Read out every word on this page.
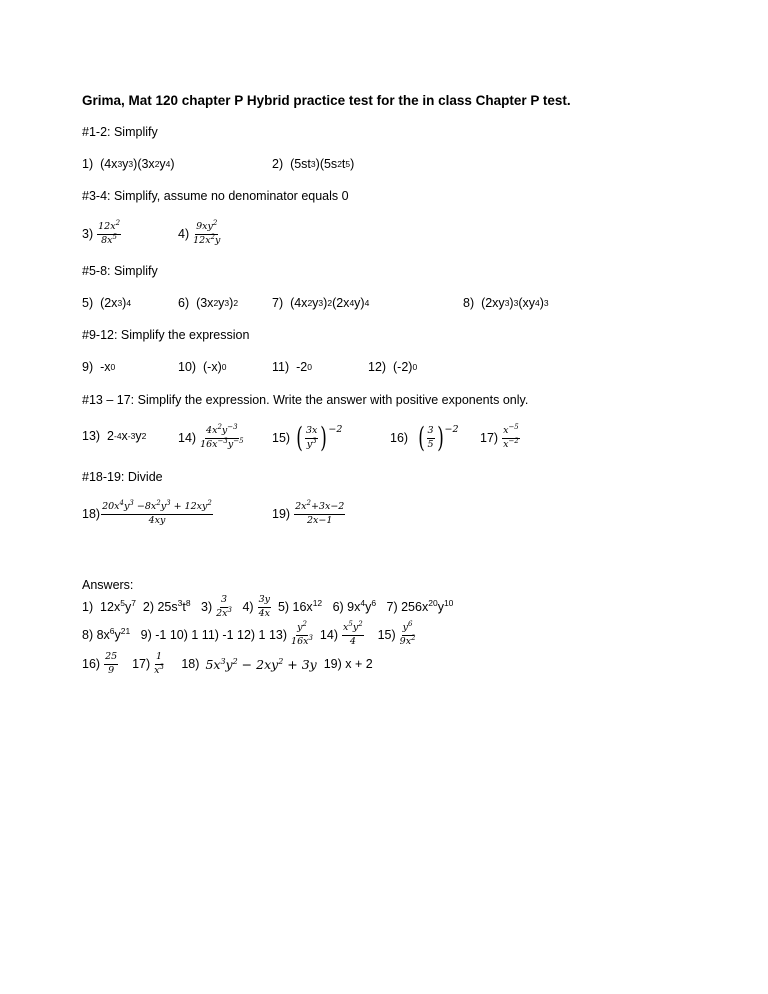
Grima, Mat 120 chapter P Hybrid practice test for the in class Chapter P test.
#1-2: Simplify
1) (4x 3 y 3 )(3x 2 y 4 )	2) (5st 3 )(5s 2 t 5 )
#3-4: Simplify, assume no denominator equals 0
$3) \frac{12x^2}{8x^5}$	$4) \frac{9xy^2}{12x^2y}$
#5-8: Simplify
5) (2x 3 ) 4	6) (3x 2 y 3 ) 2	7) (4x 2 y 3 ) 2 (2x 4 y) 4	8) (2xy 3 ) 3 (xy 4 ) 3
#9-12: Simplify the expression
9) -x 0	10) (-x) 0	11) -2 0	12) (-2) 0
#13 – 17: Simplify the expression. Write the answer with positive exponents only.
13) 2 -4 x -3 y 2	$14) \frac{4x^2y^{-3}}{16x^{-3}y^{-5}} 15$) ( $\frac{3x}{y^3}$ ) −2
16)
( $\frac{3}{5}$ ) −2
$17) \frac{x^{-5}}{x^{-2}}$
#18-19: Divide
$18) \frac{20x^4y^3 -8x^2y^3 + 12xy^2}{4xy}$	$19) \frac{2x^2+3x-2}{2x-1}$
Answers:
1)  $12x^5y^7$ 2) $25s^3t^8$ $3) \frac{3}{2x^3}$
$4) \frac{3y}{4x} 5$) $16x^{12}$ 6) $9x^4y^6$ 7) $256x^{20}y^{10}$
8) $8x^6y^{21}$ 9) -1 10) 1 11) -1 12) 1 $13) \frac{y^2}{16x^3}$
$14) \frac{x^5y^2}{4}$
$15) \frac{y^6}{9x^2}$
$16) \frac{25}{9}$
$17) \frac{1}{x^3}$
18) $5x^3y^2 - 2xy^2 + 3y$
19) x + 2
